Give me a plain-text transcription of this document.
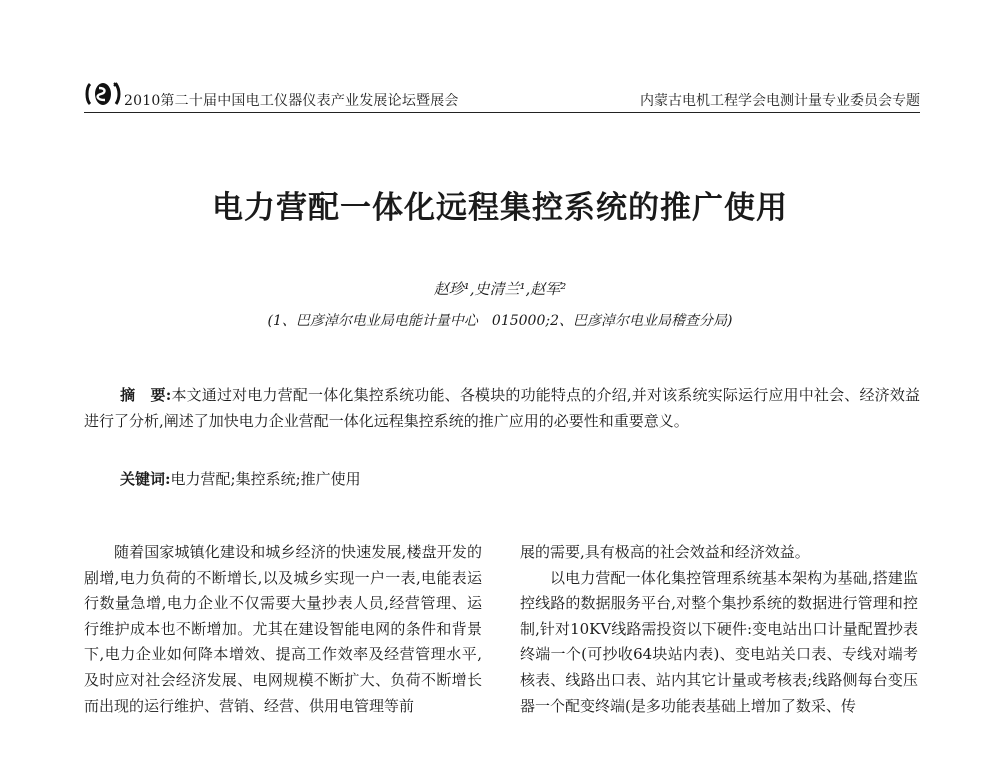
2010第二十届中国电工仪器仪表产业发展论坛暨展会	内蒙古电机工程学会电测计量专业委员会专题
电力营配一体化远程集控系统的推广使用
赵珍¹,史清兰¹,赵军²
(1、巴彦淖尔电业局电能计量中心　015000;2、巴彦淖尔电业局稽查分局)
摘　要:本文通过对电力营配一体化集控系统功能、各模块的功能特点的介绍,并对该系统实际运行应用中社会、经济效益进行了分析,阐述了加快电力企业营配一体化远程集控系统的推广应用的必要性和重要意义。
关键词:电力营配;集控系统;推广使用

随着国家城镇化建设和城乡经济的快速发展,楼盘开发的剧增,电力负荷的不断增长,以及城乡实现一户一表,电能表运行数量急增,电力企业不仅需要大量抄表人员,经营管理、运行维护成本也不断增加。尤其在建设智能电网的条件和背景下,电力企业如何降本增效、提高工作效率及经营管理水平,及时应对社会经济发展、电网规模不断扩大、负荷不断增长而出现的运行维护、营销、经营、供用电管理等前

展的需要,具有极高的社会效益和经济效益。

以电力营配一体化集控管理系统基本架构为基础,搭建监控线路的数据服务平台,对整个集抄系统的数据进行管理和控制,针对10KV线路需投资以下硬件:变电站出口计量配置抄表终端一个(可抄收64块站内表)、变电站关口表、专线对端考核表、线路出口表、站内其它计量或考核表;线路侧每台变压器一个配变终端(是多功能表基础上增加了数采、传
